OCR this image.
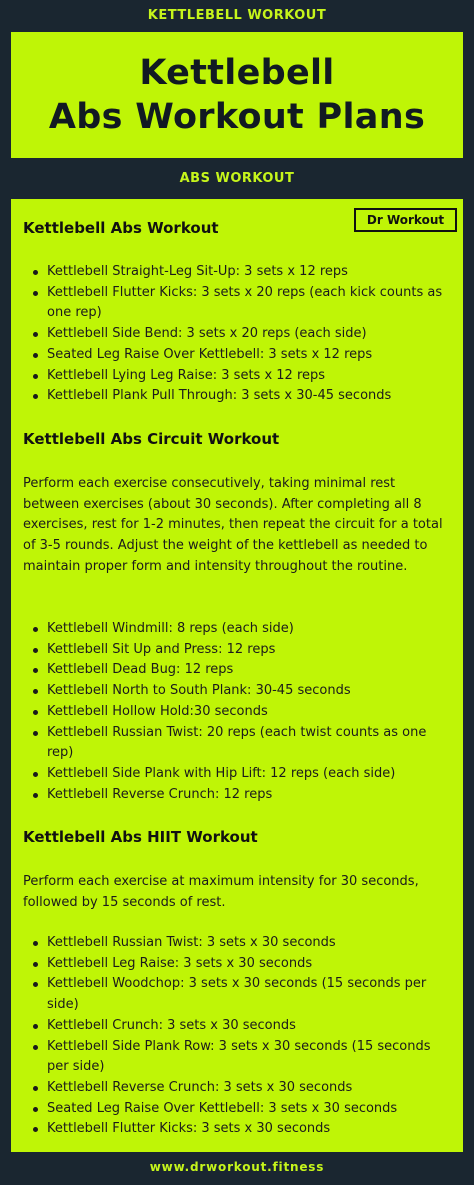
KETTLEBELL WORKOUT
Kettlebell
Abs Workout Plans
ABS WORKOUT
Dr Workout
Kettlebell Abs Workout
Kettlebell Straight-Leg Sit-Up: 3 sets x 12 reps
Kettlebell Flutter Kicks: 3 sets x 20 reps (each kick counts as one rep)
Kettlebell Side Bend: 3 sets x 20 reps (each side)
Seated Leg Raise Over Kettlebell: 3 sets x 12 reps
Kettlebell Lying Leg Raise: 3 sets x 12 reps
Kettlebell Plank Pull Through: 3 sets x 30-45 seconds
Kettlebell Abs Circuit Workout
Perform each exercise consecutively, taking minimal rest between exercises (about 30 seconds). After completing all 8 exercises, rest for 1-2 minutes, then repeat the circuit for a total of 3-5 rounds. Adjust the weight of the kettlebell as needed to maintain proper form and intensity throughout the routine.
Kettlebell Windmill: 8 reps (each side)
Kettlebell Sit Up and Press: 12 reps
Kettlebell Dead Bug: 12 reps
Kettlebell North to South Plank: 30-45 seconds
Kettlebell Hollow Hold:30 seconds
Kettlebell Russian Twist: 20 reps (each twist counts as one rep)
Kettlebell Side Plank with Hip Lift: 12 reps (each side)
Kettlebell Reverse Crunch: 12 reps
Kettlebell Abs HIIT Workout
Perform each exercise at maximum intensity for 30 seconds, followed by 15 seconds of rest.
Kettlebell Russian Twist: 3 sets x 30 seconds
Kettlebell Leg Raise: 3 sets x 30 seconds
Kettlebell Woodchop: 3 sets x 30 seconds (15 seconds per side)
Kettlebell Crunch: 3 sets x 30 seconds
Kettlebell Side Plank Row: 3 sets x 30 seconds (15 seconds per side)
Kettlebell Reverse Crunch: 3 sets x 30 seconds
Seated Leg Raise Over Kettlebell: 3 sets x 30 seconds
Kettlebell Flutter Kicks: 3 sets x 30 seconds
www.drworkout.fitness
